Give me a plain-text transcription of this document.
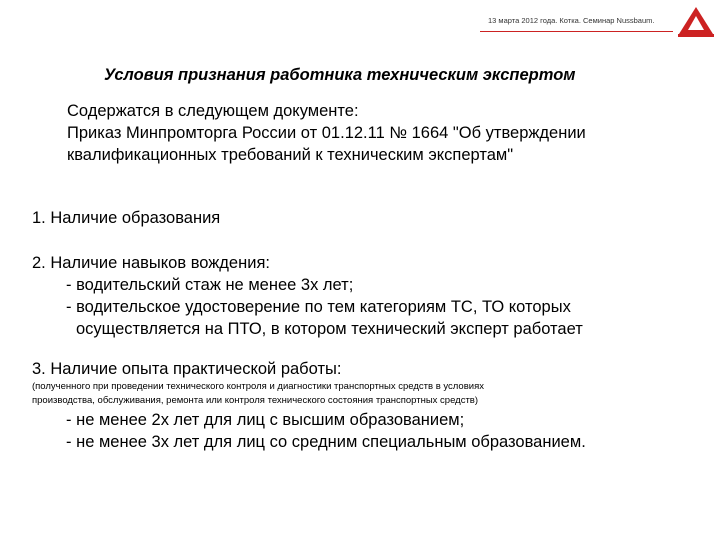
13 марта 2012 года. Котка. Семинар Nussbaum.
Условия признания работника техническим экспертом
Содержатся в следующем документе:
Приказ Минпромторга России от 01.12.11 № 1664 "Об утверждении
квалификационных требований к техническим экспертам"
1. Наличие образования
2. Наличие навыков вождения:
- водительский стаж не менее 3х лет;
- водительское удостоверение по тем категориям ТС, ТО которых
осуществляется на ПТО, в котором технический эксперт работает
3. Наличие опыта практической работы:
(полученного при проведении технического контроля и диагностики транспортных средств в условиях
производства, обслуживания, ремонта или контроля технического состояния транспортных средств)
- не менее 2х лет для лиц с высшим образованием;
- не менее 3х лет для лиц со средним специальным образованием.
